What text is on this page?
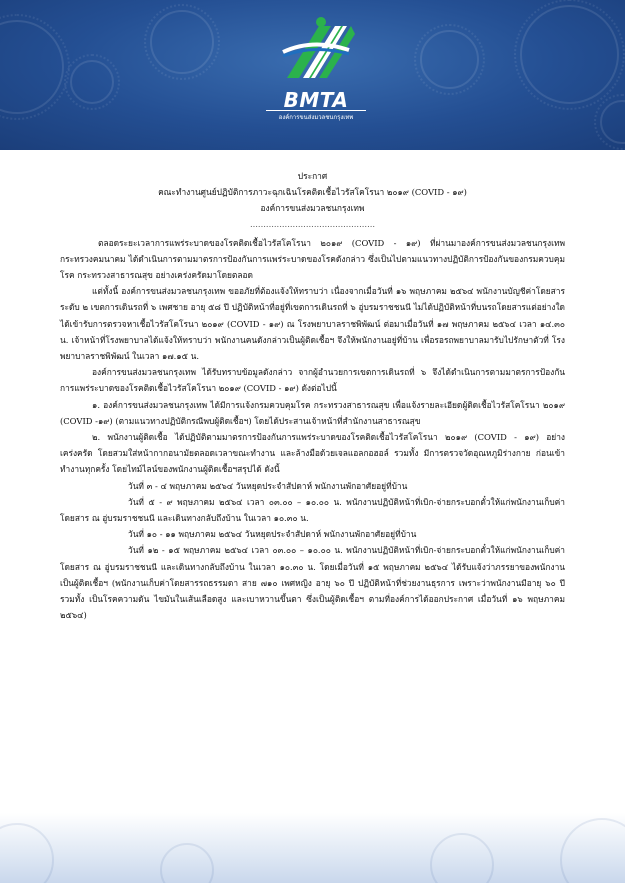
BMTA
องค์การขนส่งมวลชนกรุงเทพ
ประกาศ
คณะทำงานศูนย์ปฏิบัติการภาวะฉุกเฉินโรคติดเชื้อไวรัสโคโรนา ๒๐๑๙ (COVID - ๑๙)
องค์การขนส่งมวลชนกรุงเทพ
...............................................
ตลอดระยะเวลาการแพร่ระบาดของโรคติดเชื้อไวรัสโคโรนา ๒๐๑๙ (COVID - ๑๙) ที่ผ่านมาองค์การขนส่งมวลชนกรุงเทพ กระทรวงคมนาคม ได้ดำเนินการตามมาตรการป้องกันการแพร่ระบาดของโรคดังกล่าว ซึ่งเป็นไปตามแนวทางปฏิบัติการป้องกันของกรมควบคุมโรค กระทรวงสาธารณสุข อย่างเคร่งครัดมาโดยตลอด
แต่ทั้งนี้ องค์การขนส่งมวลชนกรุงเทพ ขออภัยที่ต้องแจ้งให้ทราบว่า เนื่องจากเมื่อวันที่ ๑๖ พฤษภาคม ๒๕๖๔ พนักงานบัญชีค่าโดยสาร ระดับ ๒ เขตการเดินรถที่ ๖ เพศชาย อายุ ๕๘ ปี ปฏิบัติหน้าที่อยู่ที่เขตการเดินรถที่ ๖ อู่บรมราชชนนี ไม่ได้ปฏิบัติหน้าที่บนรถโดยสารแต่อย่างใด ได้เข้ารับการตรวจหาเชื้อไวรัสโคโรนา ๒๐๑๙ (COVID - ๑๙) ณ โรงพยาบาลราชพิพัฒน์ ต่อมาเมื่อวันที่ ๑๗ พฤษภาคม ๒๕๖๔ เวลา ๑๔.๓๐ น. เจ้าหน้าที่โรงพยาบาลได้แจ้งให้ทราบว่า พนักงานคนดังกล่าวเป็นผู้ติดเชื้อฯ จึงให้พนักงานอยู่ที่บ้าน เพื่อรอรถพยาบาลมารับไปรักษาตัวที่ โรงพยาบาลราชพิพัฒน์ ในเวลา ๑๗.๑๕ น.
องค์การขนส่งมวลชนกรุงเทพ ได้รับทราบข้อมูลดังกล่าว จากผู้อำนวยการเขตการเดินรถที่ ๖ จึงได้ดำเนินการตามมาตรการป้องกันการแพร่ระบาดของโรคติดเชื้อไวรัสโคโรนา ๒๐๑๙ (COVID - ๑๙) ดังต่อไปนี้
๑. องค์การขนส่งมวลชนกรุงเทพ ได้มีการแจ้งกรมควบคุมโรค กระทรวงสาธารณสุข เพื่อแจ้งรายละเอียดผู้ติดเชื้อไวรัสโคโรนา ๒๐๑๙ (COVID -๑๙) (ตามแนวทางปฏิบัติกรณีพบผู้ติดเชื้อฯ) โดยได้ประสานเจ้าหน้าที่สำนักงานสาธารณสุข
๒. พนักงานผู้ติดเชื้อ ได้ปฏิบัติตามมาตรการป้องกันการแพร่ระบาดของโรคติดเชื้อไวรัสโคโรนา ๒๐๑๙ (COVID - ๑๙) อย่างเคร่งครัด โดยสวมใส่หน้ากากอนามัยตลอดเวลาขณะทำงาน และล้างมือด้วยเจลแอลกอฮอล์ รวมทั้ง มีการตรวจวัดอุณหภูมิร่างกาย ก่อนเข้าทำงานทุกครั้ง โดยไทม์ไลน์ของพนักงานผู้ติดเชื้อฯสรุปได้ ดังนี้
วันที่ ๓ - ๔ พฤษภาคม ๒๕๖๔ วันหยุดประจำสัปดาห์ พนักงานพักอาศัยอยู่ที่บ้าน
วันที่ ๕ - ๙ พฤษภาคม ๒๕๖๔ เวลา ๐๓.๐๐ – ๑๐.๐๐ น. พนักงานปฏิบัติหน้าที่เบิก-จ่ายกระบอกตั๋วให้แก่พนักงานเก็บค่าโดยสาร ณ อู่บรมราชชนนี และเดินทางกลับถึงบ้าน ในเวลา ๑๐.๓๐ น.
วันที่ ๑๐ - ๑๑ พฤษภาคม ๒๕๖๔ วันหยุดประจำสัปดาห์ พนักงานพักอาศัยอยู่ที่บ้าน
วันที่ ๑๒ - ๑๕ พฤษภาคม ๒๕๖๔ เวลา ๐๓.๐๐ – ๑๐.๐๐ น. พนักงานปฏิบัติหน้าที่เบิก-จ่ายกระบอกตั๋วให้แก่พนักงานเก็บค่าโดยสาร ณ อู่บรมราชชนนี และเดินทางกลับถึงบ้าน ในเวลา ๑๐.๓๐ น. โดยเมื่อวันที่ ๑๕ พฤษภาคม ๒๕๖๔ ได้รับแจ้งว่าภรรยาของพนักงานเป็นผู้ติดเชื้อฯ (พนักงานเก็บค่าโดยสารรถธรรมดา สาย ๗๑๐ เพศหญิง อายุ ๖๐ ปี ปฏิบัติหน้าที่ช่วยงานธุรการ เพราะว่าพนักงานมีอายุ ๖๐ ปี รวมทั้ง เป็นโรคความดัน ไขมันในเส้นเลือดสูง และเบาหวานขึ้นตา ซึ่งเป็นผู้ติดเชื้อฯ ตามที่องค์การได้ออกประกาศ เมื่อวันที่ ๑๖ พฤษภาคม ๒๕๖๔)
